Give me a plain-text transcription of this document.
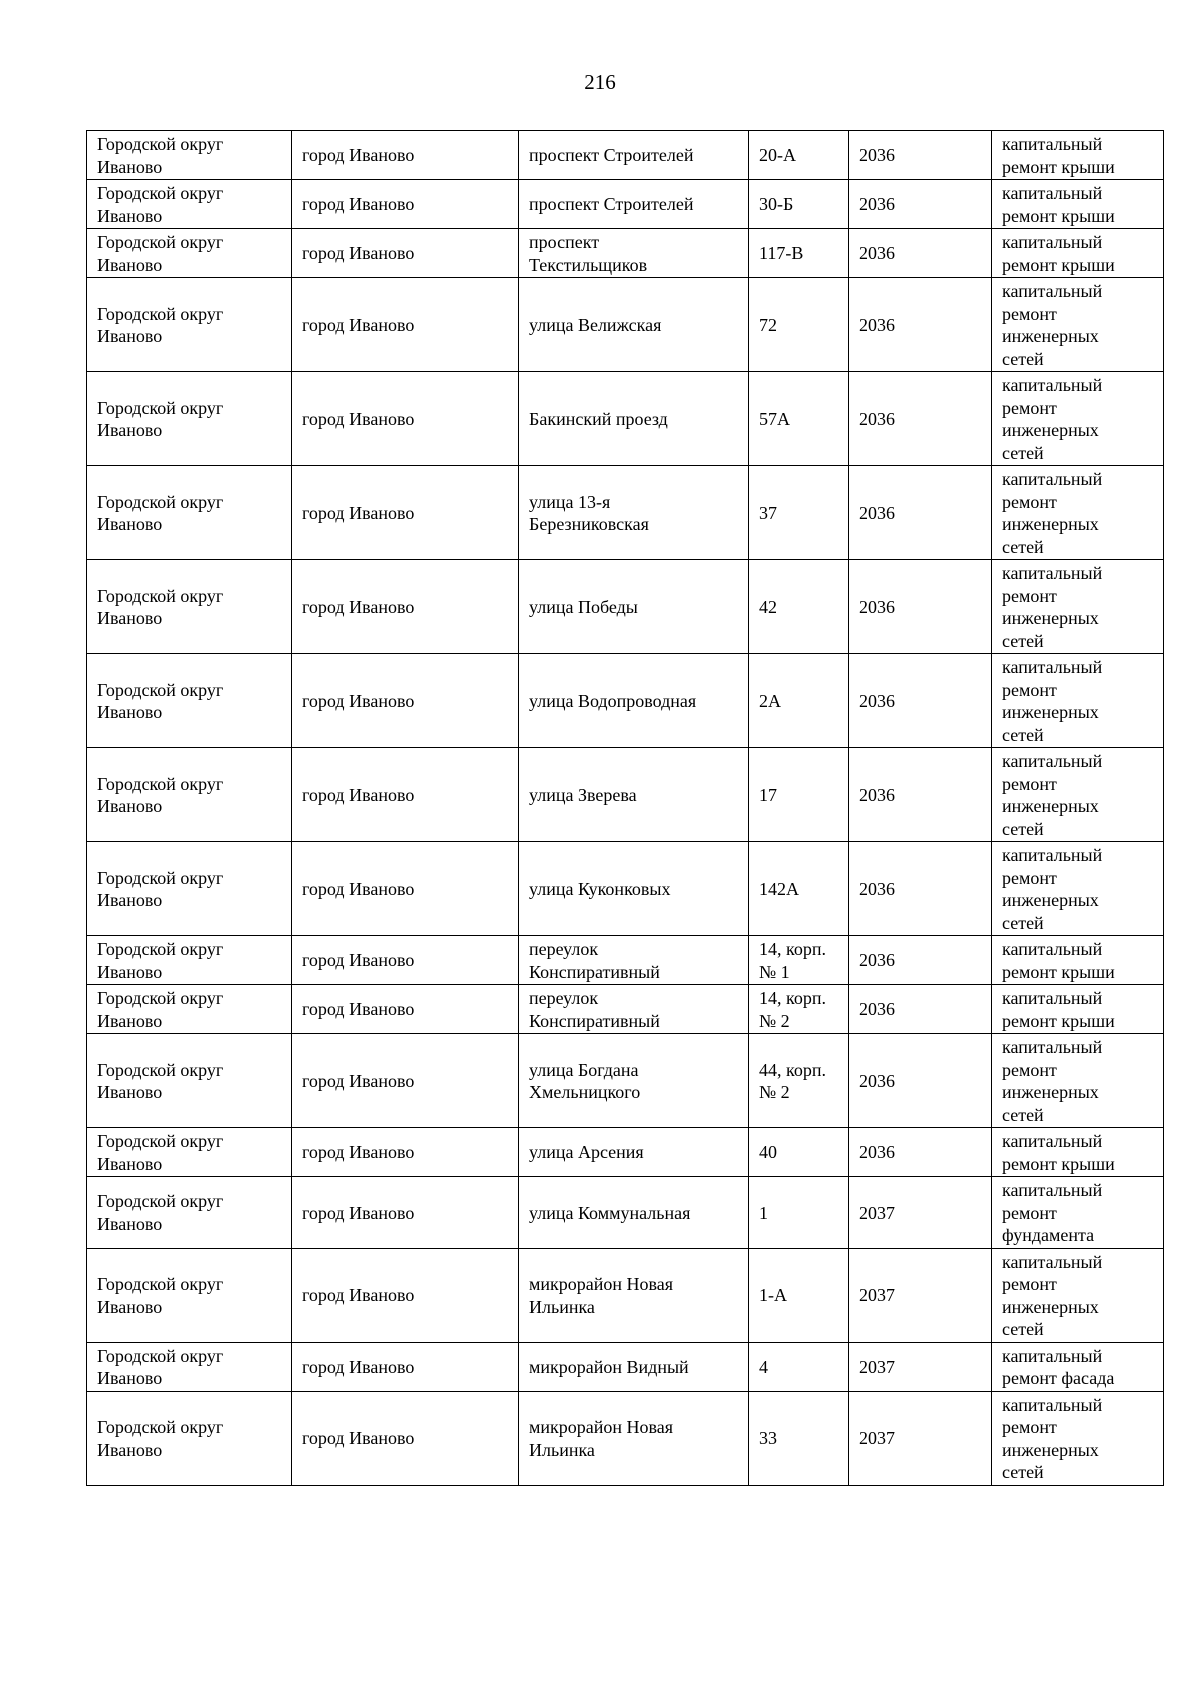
216
Городской округ
Иваново	город Иваново	проспект Строителей	20-А	2036	капитальный
ремонт крыши

Городской округ
Иваново	город Иваново	проспект Строителей	30-Б	2036	капитальный
ремонт крыши

Городской округ
Иваново	город Иваново	проспект
Текстильщиков	117-В	2036	капитальный
ремонт крыши

Городской округ
Иваново	город Иваново	улица Велижская	72	2036	капитальный
ремонт
инженерных
сетей

Городской округ
Иваново	город Иваново	Бакинский проезд	57А	2036	капитальный
ремонт
инженерных
сетей

Городской округ
Иваново	город Иваново	улица 13-я
Березниковская	37	2036	капитальный
ремонт
инженерных
сетей

Городской округ
Иваново	город Иваново	улица Победы	42	2036	капитальный
ремонт
инженерных
сетей

Городской округ
Иваново	город Иваново	улица Водопроводная	2А	2036	капитальный
ремонт
инженерных
сетей

Городской округ
Иваново	город Иваново	улица Зверева	17	2036	капитальный
ремонт
инженерных
сетей

Городской округ
Иваново	город Иваново	улица Куконковых	142А	2036	капитальный
ремонт
инженерных
сетей

Городской округ
Иваново	город Иваново	переулок
Конспиративный	14, корп.
№ 1	2036	капитальный
ремонт крыши

Городской округ
Иваново	город Иваново	переулок
Конспиративный	14, корп.
№ 2	2036	капитальный
ремонт крыши

Городской округ
Иваново	город Иваново	улица Богдана
Хмельницкого	44, корп.
№ 2	2036	капитальный
ремонт
инженерных
сетей

Городской округ
Иваново	город Иваново	улица Арсения	40	2036	капитальный
ремонт крыши

Городской округ
Иваново	город Иваново	улица Коммунальная	1	2037	капитальный
ремонт
фундамента

Городской округ
Иваново	город Иваново	микрорайон Новая
Ильинка	1-А	2037	капитальный
ремонт
инженерных
сетей

Городской округ
Иваново	город Иваново	микрорайон Видный	4	2037	капитальный
ремонт фасада

Городской округ
Иваново	город Иваново	микрорайон Новая
Ильинка	33	2037	капитальный
ремонт
инженерных
сетей
